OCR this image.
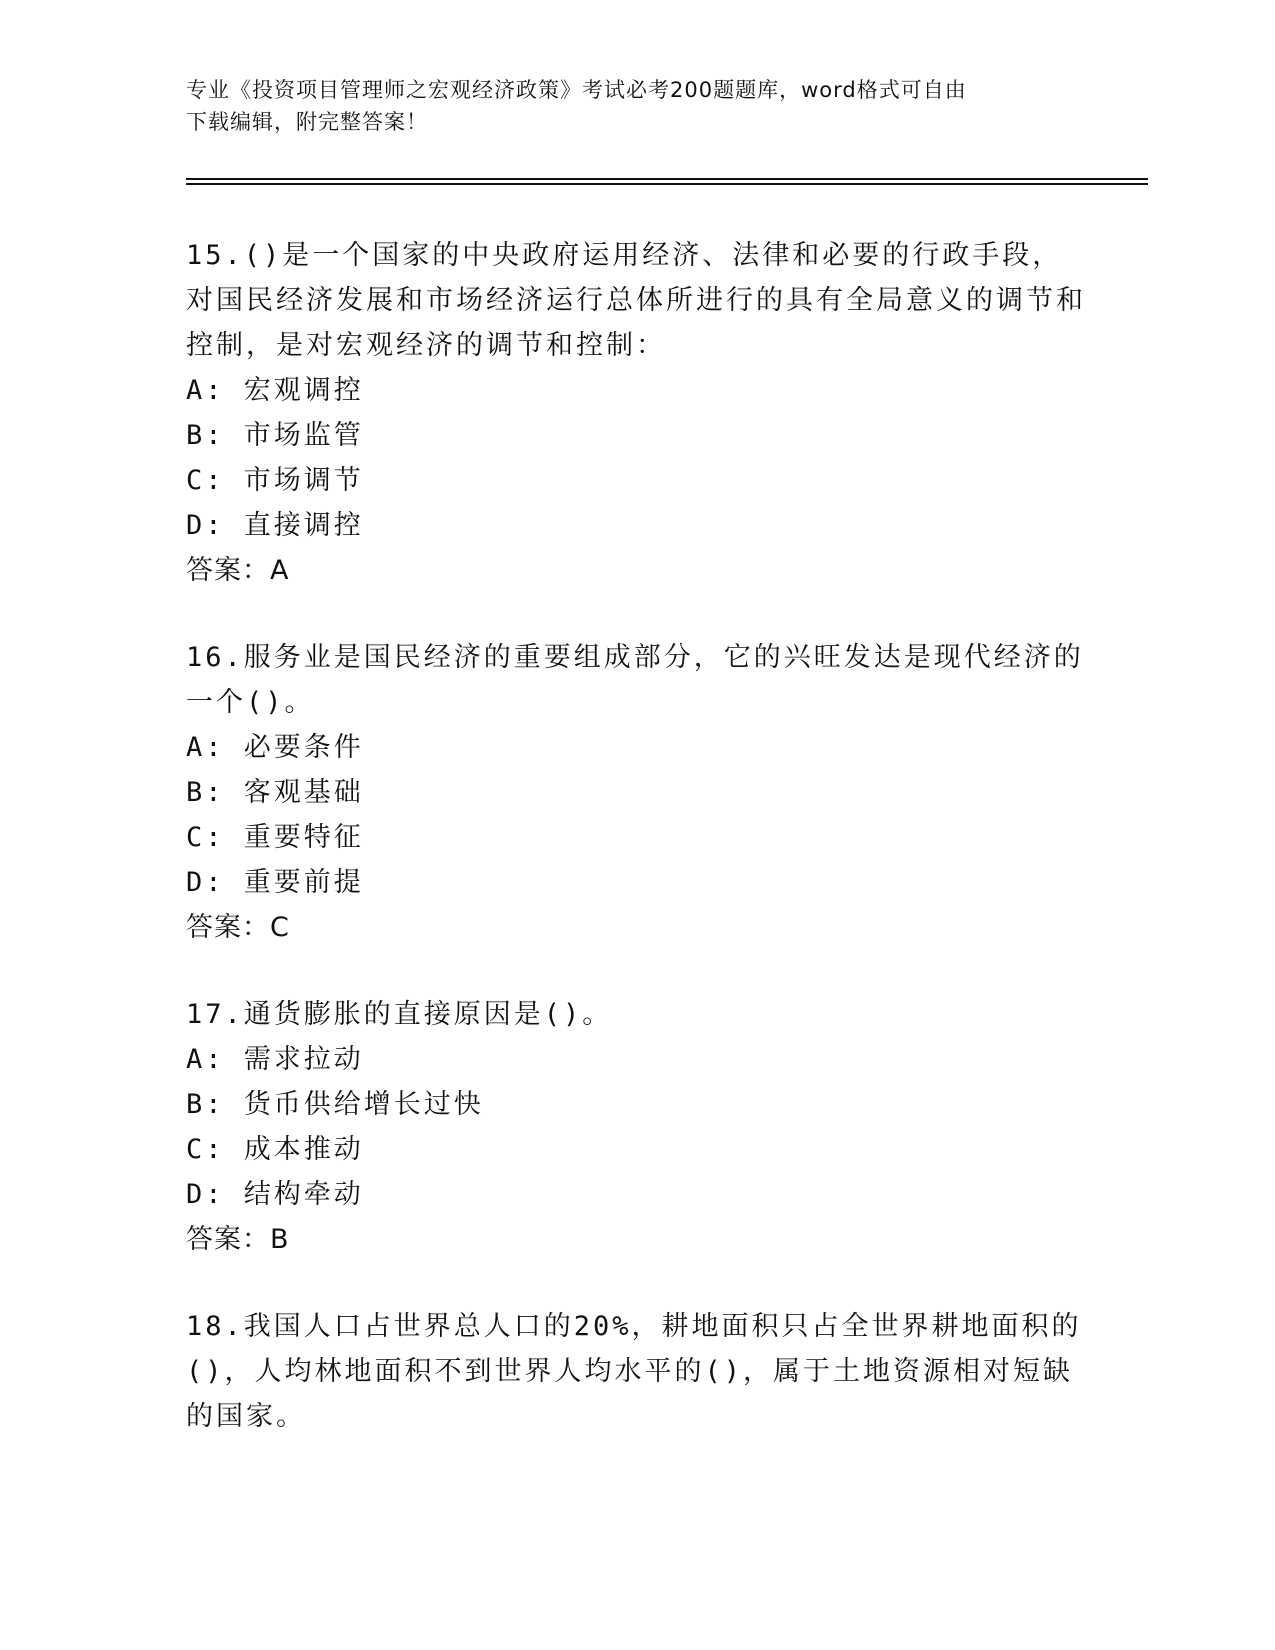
专业《投资项目管理师之宏观经济政策》考试必考200题题库，word格式可自由
下载编辑，附完整答案！
15.()是一个国家的中央政府运用经济、法律和必要的行政手段，对国民经济发展和市场经济运行总体所进行的具有全局意义的调节和控制，是对宏观经济的调节和控制：
A: 宏观调控
B: 市场监管
C: 市场调节
D: 直接调控
答案：A
16.服务业是国民经济的重要组成部分，它的兴旺发达是现代经济的一个()。
A: 必要条件
B: 客观基础
C: 重要特征
D: 重要前提
答案：C
17.通货膨胀的直接原因是()。
A: 需求拉动
B: 货币供给增长过快
C: 成本推动
D: 结构牵动
答案：B
18.我国人口占世界总人口的20%，耕地面积只占全世界耕地面积的()，人均林地面积不到世界人均水平的()，属于土地资源相对短缺的国家。
